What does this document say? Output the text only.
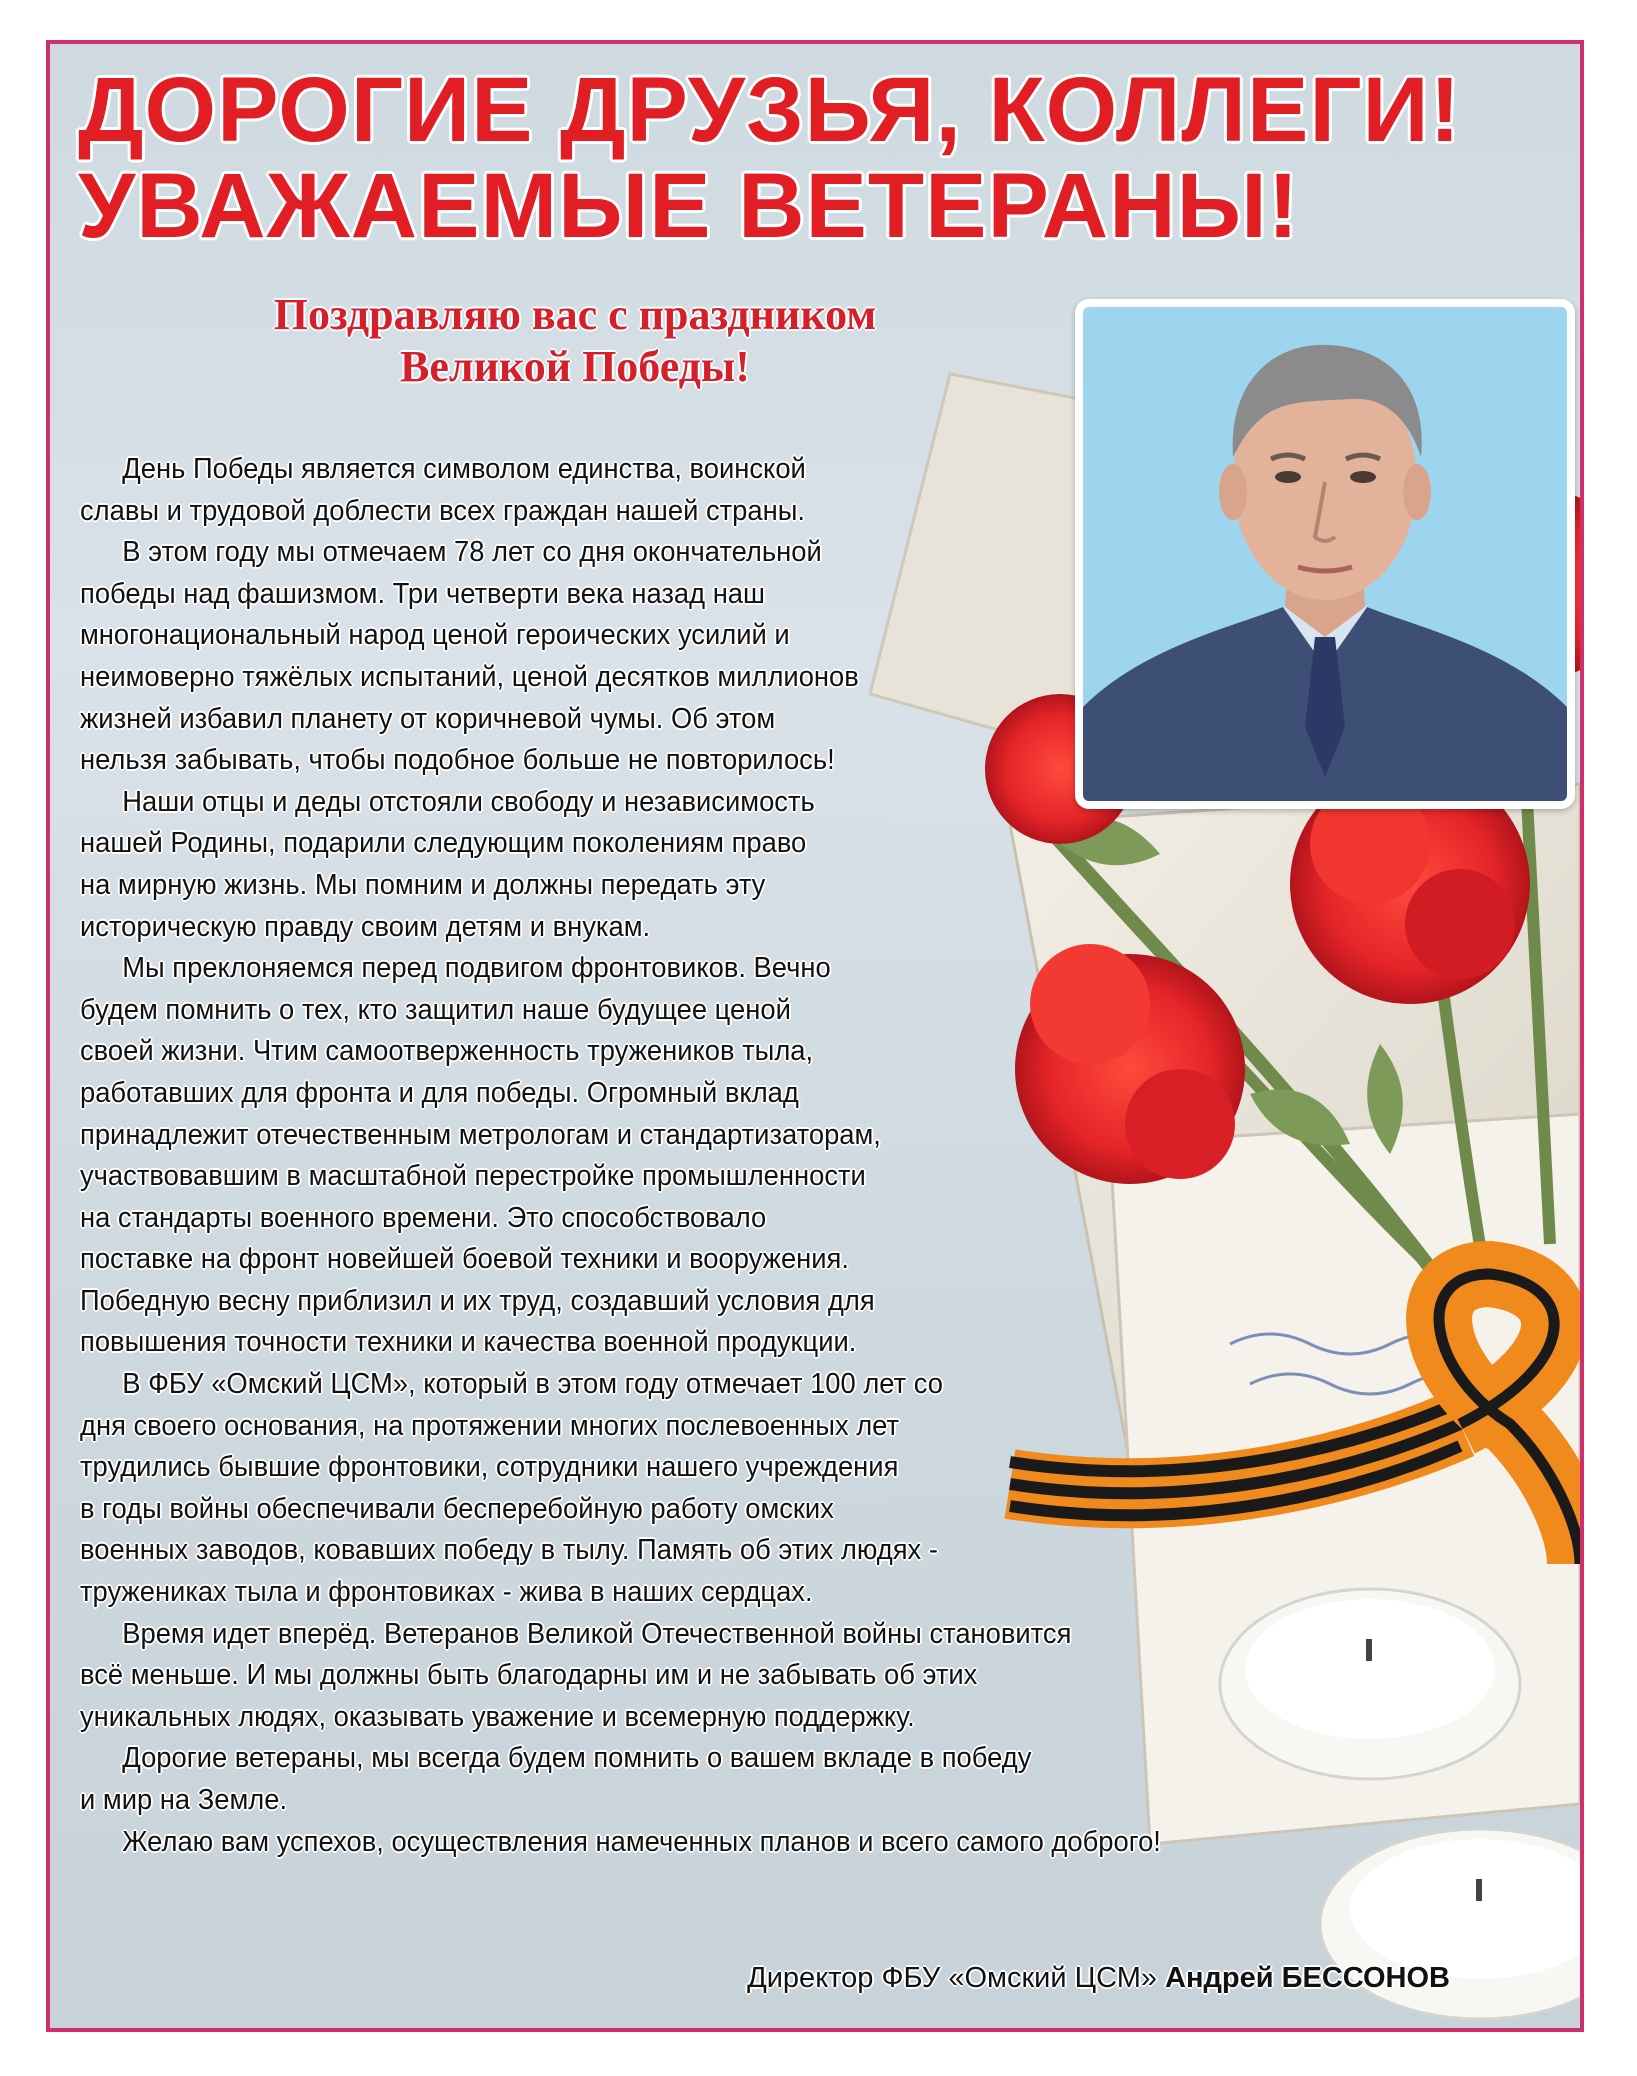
ДОРОГИЕ ДРУЗЬЯ, КОЛЛЕГИ!
УВАЖАЕМЫЕ ВЕТЕРАНЫ!
Поздравляю вас с праздником
Великой Победы!
День Победы является символом единства, воинской
славы и трудовой доблести всех граждан нашей страны.
В этом году мы отмечаем 78 лет со дня окончательной
победы над фашизмом. Три четверти века назад наш
многонациональный народ ценой героических усилий и
неимоверно тяжёлых испытаний, ценой десятков миллионов
жизней избавил планету от коричневой чумы. Об этом
нельзя забывать, чтобы подобное больше не повторилось!
Наши отцы и деды отстояли свободу и независимость
нашей Родины, подарили следующим поколениям право
на мирную жизнь. Мы помним и должны передать эту
историческую правду своим детям и внукам.
Мы преклоняемся перед подвигом фронтовиков. Вечно
будем помнить о тех, кто защитил наше будущее ценой
своей жизни. Чтим самоотверженность тружеников тыла,
работавших для фронта и для победы. Огромный вклад
принадлежит отечественным метрологам и стандартизаторам,
участвовавшим в масштабной перестройке промышленности
на стандарты военного времени. Это способствовало
поставке на фронт новейшей боевой техники и вооружения.
Победную весну приблизил и их труд, создавший условия для
повышения точности техники и качества военной продукции.
В ФБУ «Омский ЦСМ», который в этом году отмечает 100 лет со
дня своего основания, на протяжении многих послевоенных лет
трудились бывшие фронтовики, сотрудники нашего учреждения
в годы войны обеспечивали бесперебойную работу омских
военных заводов, ковавших победу в тылу. Память об этих людях -
тружениках тыла и фронтовиках - жива в наших сердцах.
Время идет вперёд. Ветеранов Великой Отечественной войны становится
всё меньше. И мы должны быть благодарны им и не забывать об этих
уникальных людях, оказывать уважение и всемерную поддержку.
Дорогие ветераны, мы всегда будем помнить о вашем вкладе в победу
и мир на Земле.
Желаю вам успехов, осуществления намеченных планов и всего самого доброго!
Директор ФБУ «Омский ЦСМ» Андрей БЕССОНОВ
